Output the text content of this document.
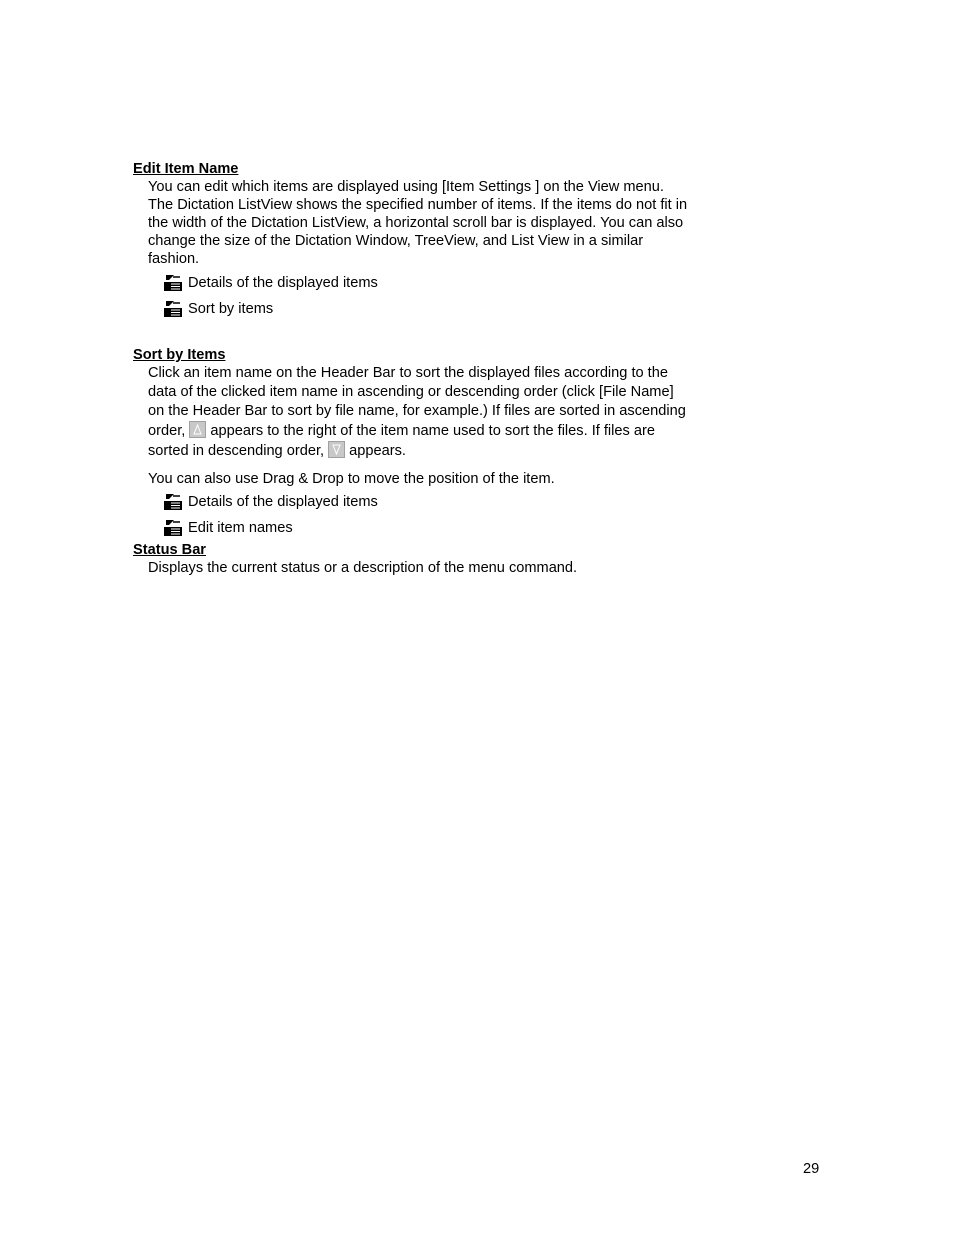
Edit Item Name

You can edit which items are displayed using [Item Settings ] on the View menu. The Dictation ListView shows the specified number of items. If the items do not fit in the width of the Dictation ListView, a horizontal scroll bar is displayed. You can also change the size of the Dictation Window, TreeView, and List View in a similar fashion.

Details of the displayed items
Sort by items

Sort by Items

Click an item name on the Header Bar to sort the displayed files according to the data of the clicked item name in ascending or descending order (click [File Name] on the Header Bar to sort by file name, for example.) If files are sorted in ascending order,
appears to the right of the item name used to sort the files. If files are sorted in descending order,
appears.

You can also use Drag & Drop to move the position of the item.

Details of the displayed items
Edit item names

Status Bar

Displays the current status or a description of the menu command.

29
